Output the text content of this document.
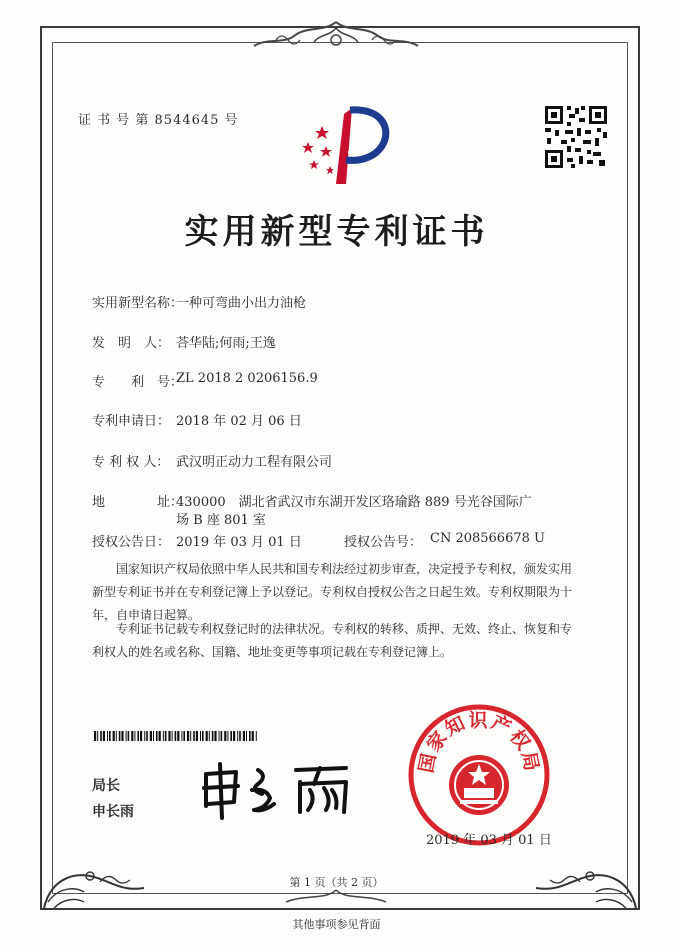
证 书 号 第 8544645 号
实用新型专利证书
实用新型名称：
一种可弯曲小出力油枪
发　明　人： 荅华陆;何雨;王逸
专　　利　号：
ZL 2018 2 0206156.9
专利申请日： 2018 年 02 月 06 日
专 利 权 人： 武汉明正动力工程有限公司
地　　　　址：
430000　湖北省武汉市东湖开发区珞瑜路 889 号光谷国际广
场 B 座 801 室
授权公告日： 2019 年 03 月 01 日	授权公告号： CN 208566678 U
　　国家知识产权局依照中华人民共和国专利法经过初步审查，决定授予专利权，颁发实用
新型专利证书并在专利登记簿上予以登记。专利权自授权公告之日起生效。专利权期限为十
年，自申请日起算。
　　专利证书记载专利权登记时的法律状况。专利权的转移、质押、无效、终止、恢复和专
利权人的姓名或名称、国籍、地址变更等事项记载在专利登记簿上。
局长
申长雨
国家知识产权局
2019 年 03 月 01 日
第 1 页（共 2 页）
其他事项参见背面
